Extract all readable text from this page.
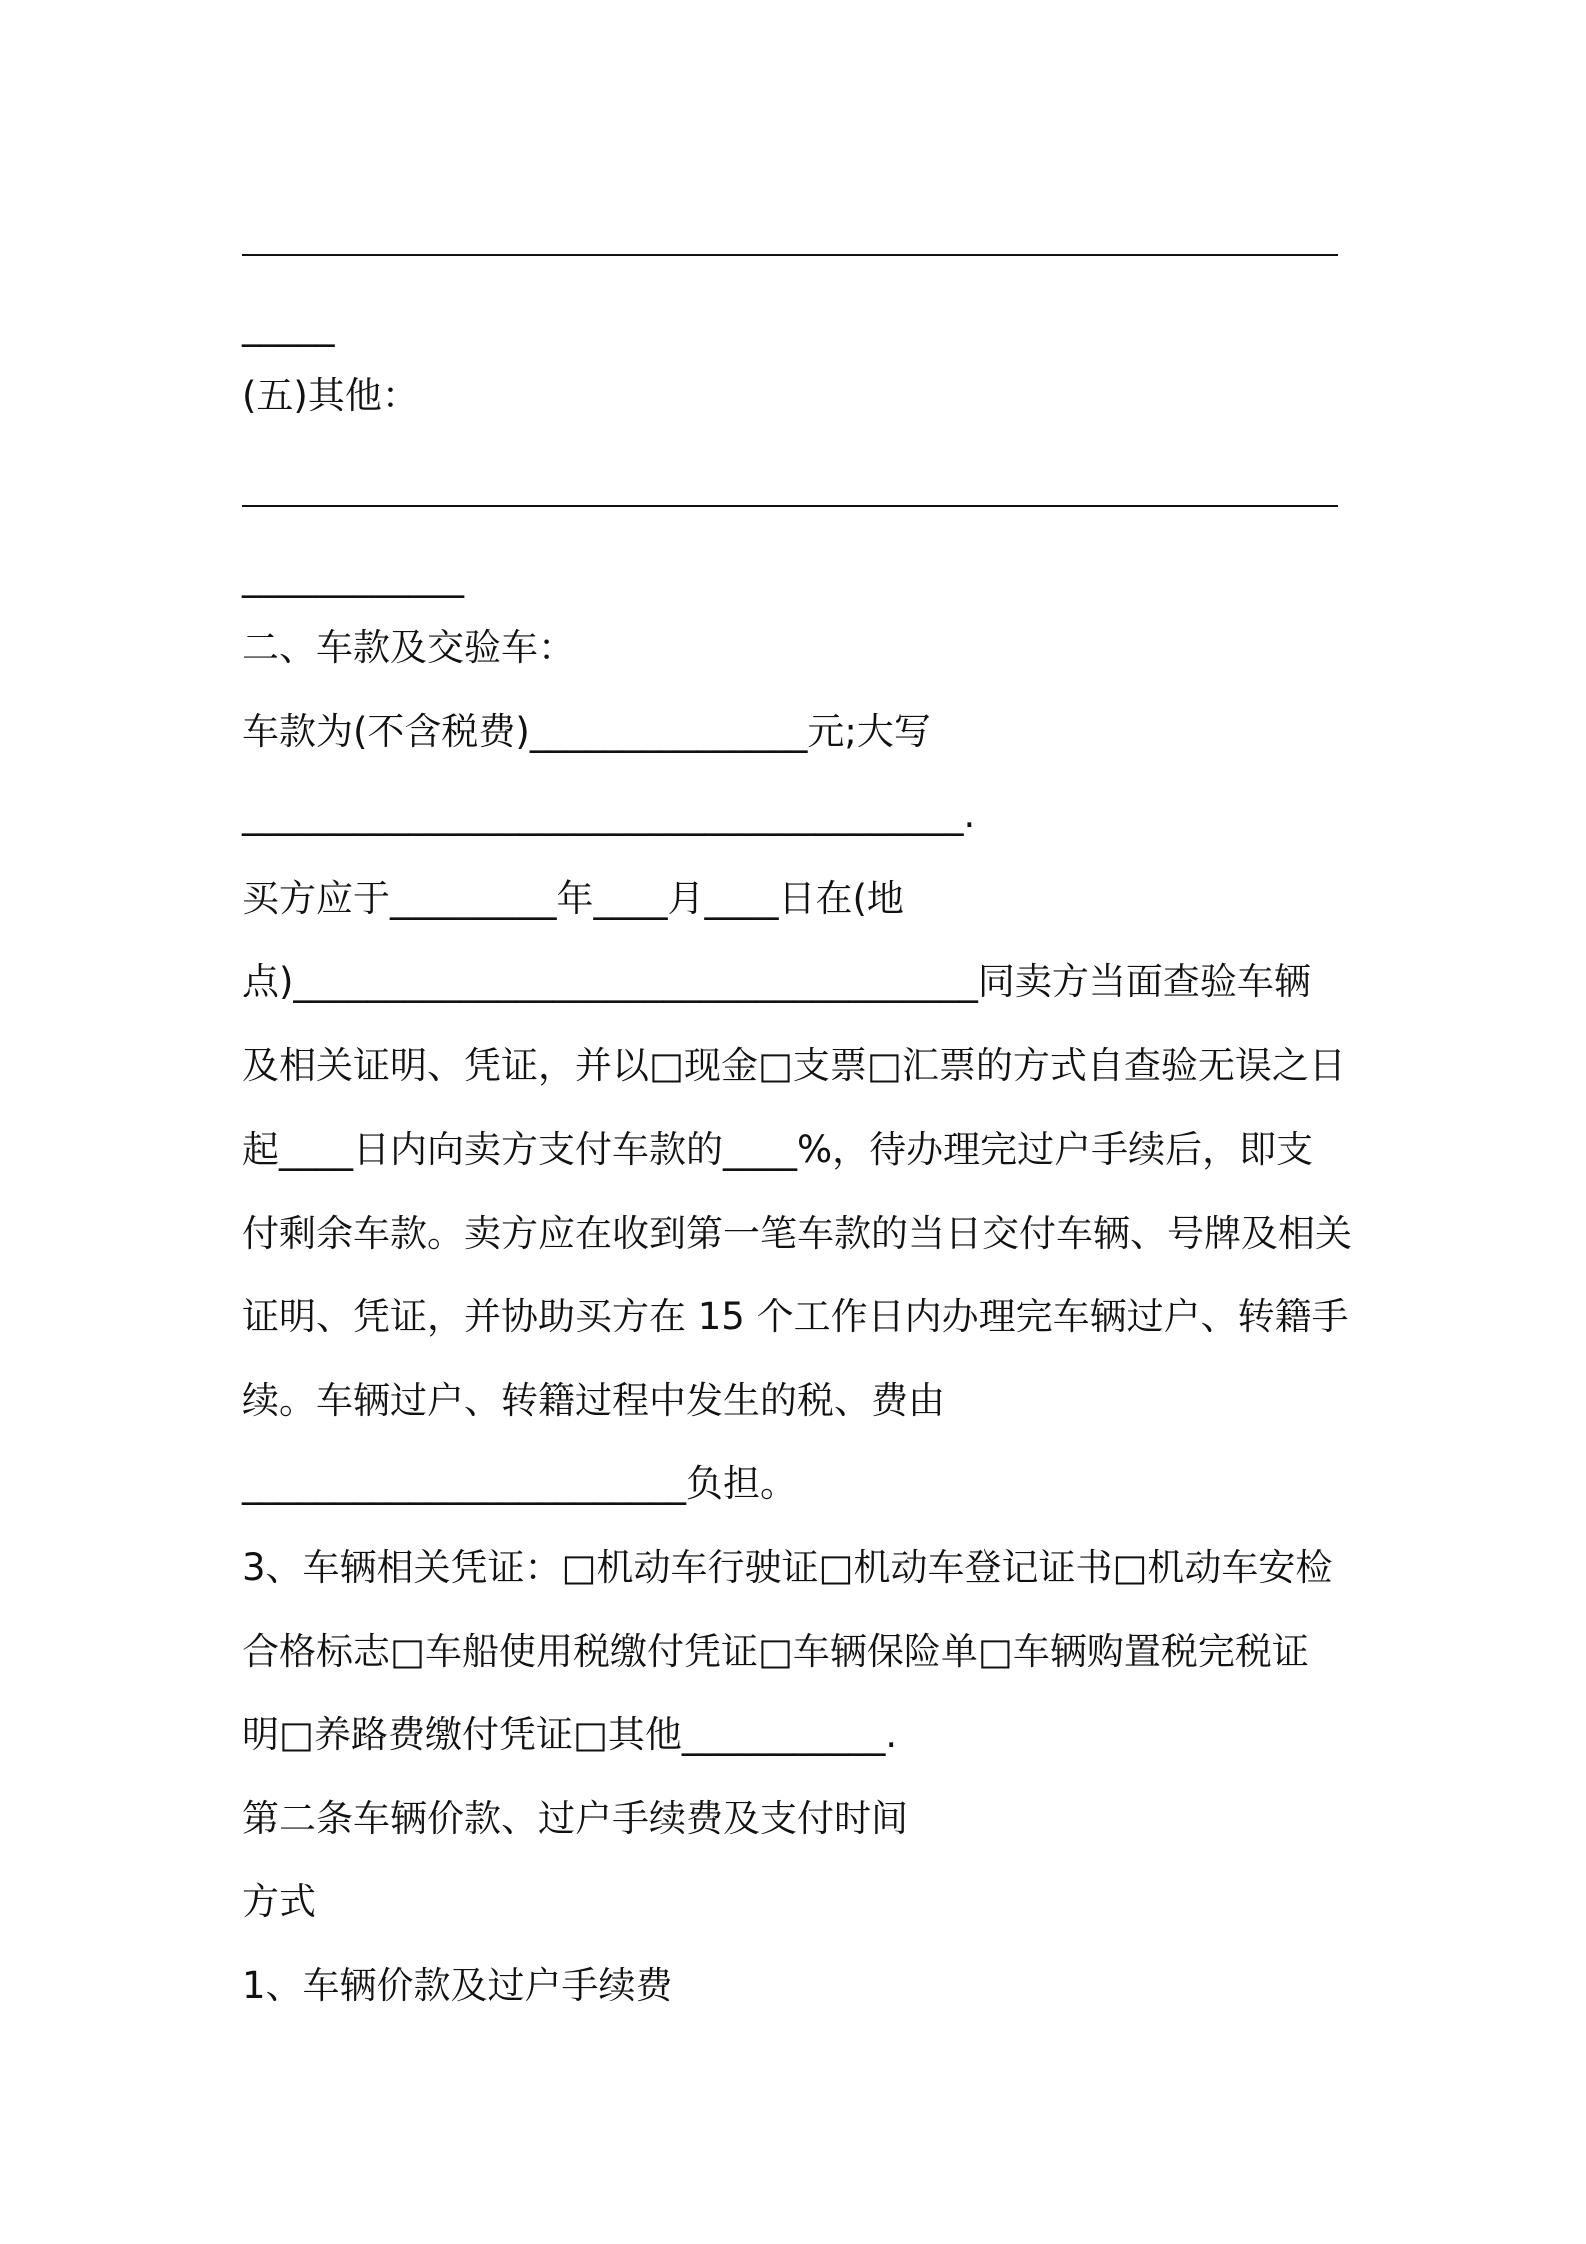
_____
(五)其他：
____________
二、车款及交验车：
车款为(不含税费)_______________元;大写
_______________________________________.
买方应于_________年____月____日在(地
点)_____________________________________同卖方当面查验车辆
及相关证明、凭证，并以□现金□支票□汇票的方式自查验无误之日
起____日内向卖方支付车款的____%，待办理完过户手续后，即支
付剩余车款。卖方应在收到第一笔车款的当日交付车辆、号牌及相关
证明、凭证，并协助买方在 15 个工作日内办理完车辆过户、转籍手
续。车辆过户、转籍过程中发生的税、费由
________________________负担。
3、车辆相关凭证：□机动车行驶证□机动车登记证书□机动车安检
合格标志□车船使用税缴付凭证□车辆保险单□车辆购置税完税证
明□养路费缴付凭证□其他___________.
第二条车辆价款、过户手续费及支付时间
方式
1、车辆价款及过户手续费
